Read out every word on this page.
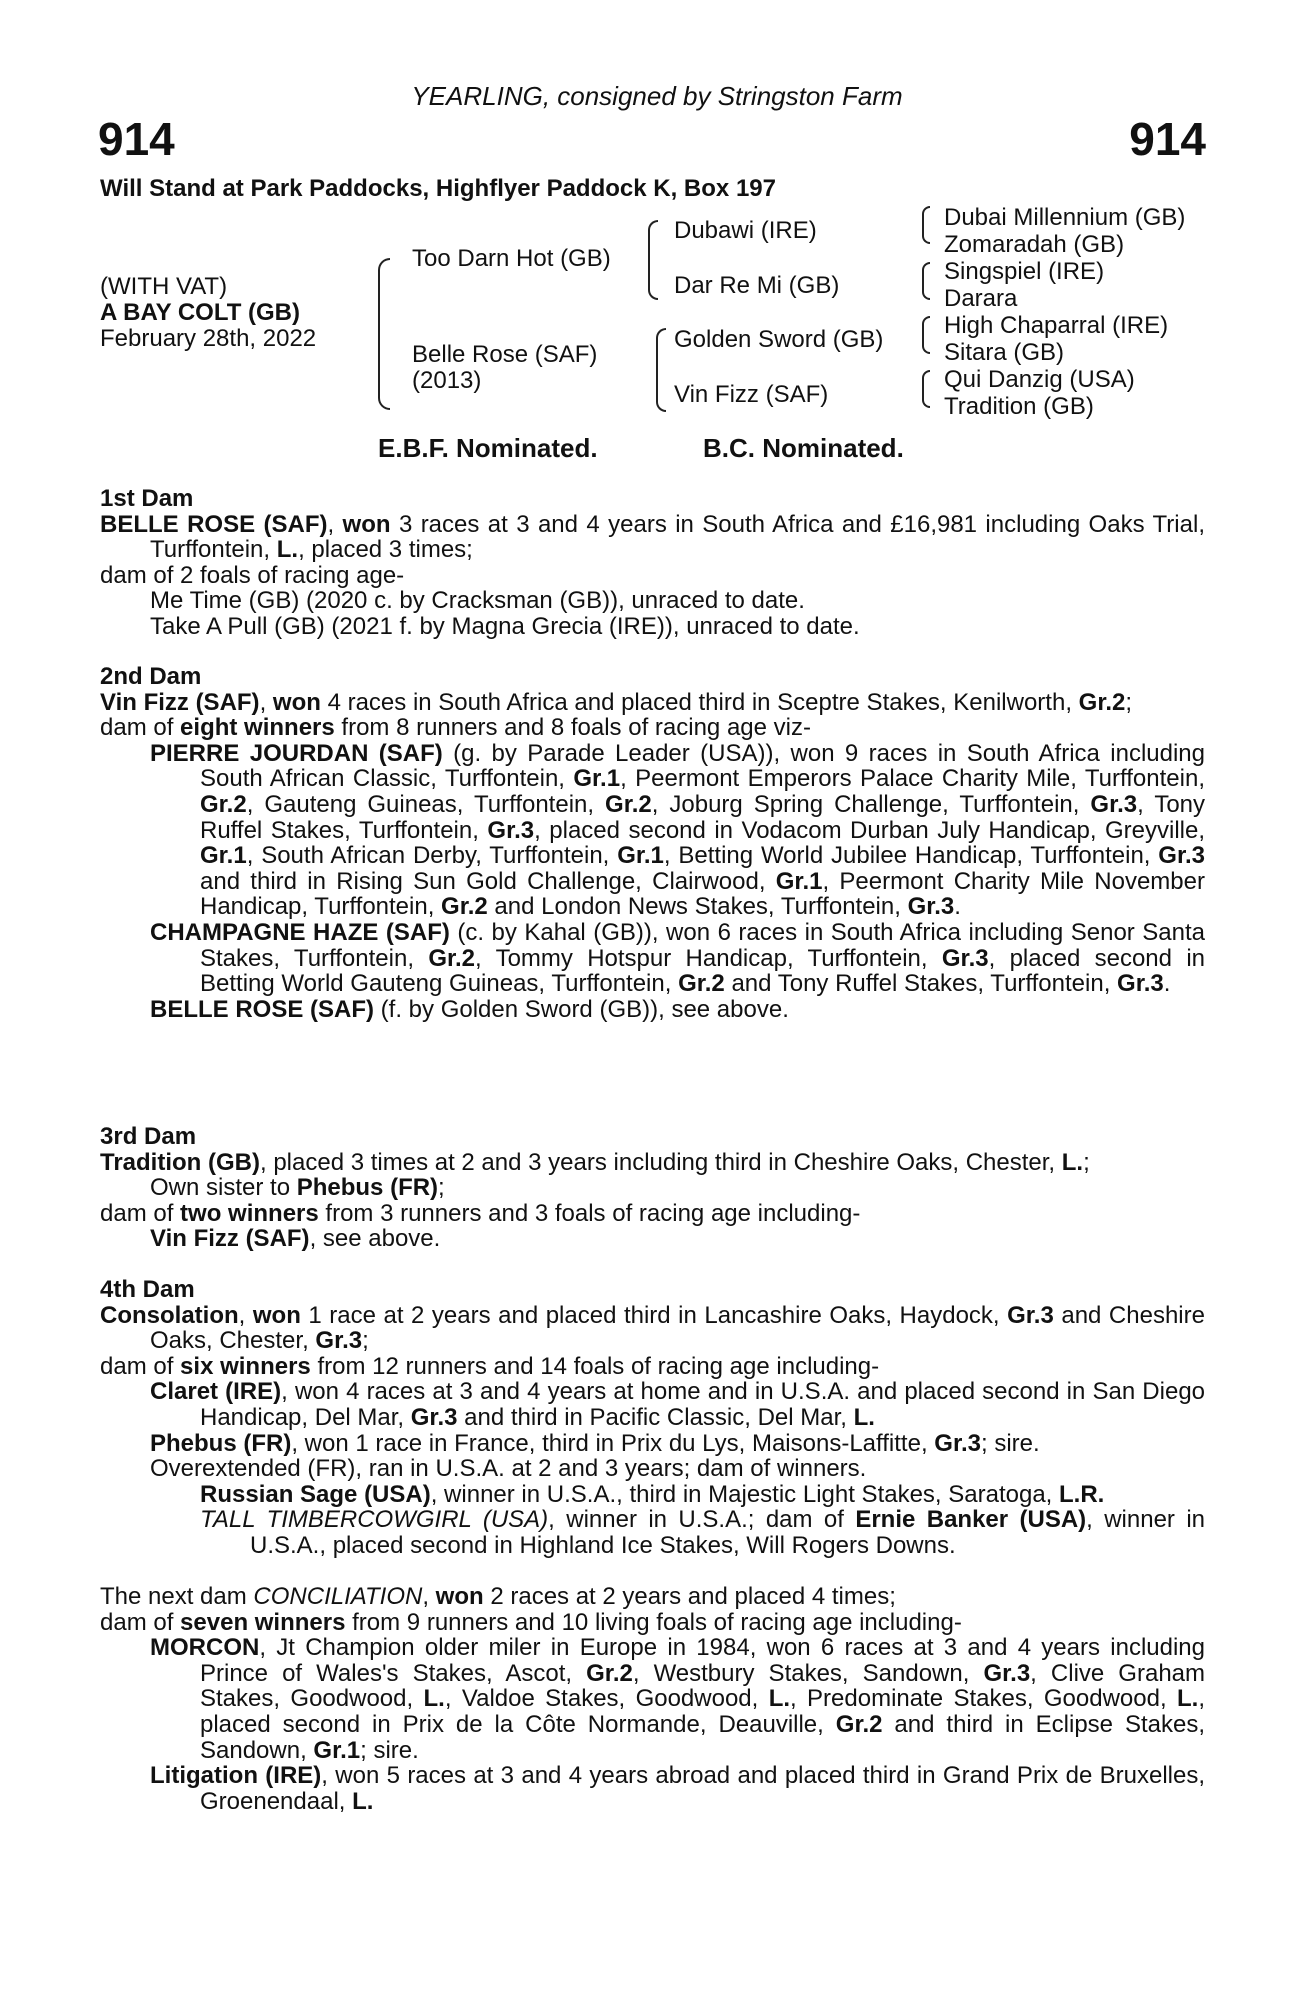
YEARLING, consigned by Stringston Farm
914	914
Will Stand at Park Paddocks, Highflyer Paddock K, Box 197
(WITH VAT)
A BAY COLT (GB)
February 28th, 2022
Too Darn Hot (GB)
Belle Rose (SAF)
(2013)
Dubawi (IRE)
Dar Re Mi (GB)
Golden Sword (GB)
Vin Fizz (SAF)
Dubai Millennium (GB)
Zomaradah (GB)
Singspiel (IRE)
Darara
High Chaparral (IRE)
Sitara (GB)
Qui Danzig (USA)
Tradition (GB)
E.B.F. Nominated.	B.C. Nominated.

1st Dam

BELLE ROSE (SAF), won 3 races at 3 and 4 years in South Africa and £16,981 including Oaks Trial, Turffontein, L., placed 3 times;

dam of 2 foals of racing age-

Me Time (GB) (2020 c. by Cracksman (GB)), unraced to date.

Take A Pull (GB) (2021 f. by Magna Grecia (IRE)), unraced to date.

2nd Dam

Vin Fizz (SAF), won 4 races in South Africa and placed third in Sceptre Stakes, Kenilworth, Gr.2;

dam of eight winners from 8 runners and 8 foals of racing age viz-

PIERRE JOURDAN (SAF) (g. by Parade Leader (USA)), won 9 races in South Africa including South African Classic, Turffontein, Gr.1, Peermont Emperors Palace Charity Mile, Turffontein, Gr.2, Gauteng Guineas, Turffontein, Gr.2, Joburg Spring Challenge, Turffontein, Gr.3, Tony Ruffel Stakes, Turffontein, Gr.3, placed second in Vodacom Durban July Handicap, Greyville, Gr.1, South African Derby, Turffontein, Gr.1, Betting World Jubilee Handicap, Turffontein, Gr.3 and third in Rising Sun Gold Challenge, Clairwood, Gr.1, Peermont Charity Mile November Handicap, Turffontein, Gr.2 and London News Stakes, Turffontein, Gr.3.

CHAMPAGNE HAZE (SAF) (c. by Kahal (GB)), won 6 races in South Africa including Senor Santa Stakes, Turffontein, Gr.2, Tommy Hotspur Handicap, Turffontein, Gr.3, placed second in Betting World Gauteng Guineas, Turffontein, Gr.2 and Tony Ruffel Stakes, Turffontein, Gr.3.

BELLE ROSE (SAF) (f. by Golden Sword (GB)), see above.

3rd Dam

Tradition (GB), placed 3 times at 2 and 3 years including third in Cheshire Oaks, Chester, L.;

Own sister to Phebus (FR);

dam of two winners from 3 runners and 3 foals of racing age including-

Vin Fizz (SAF), see above.

4th Dam

Consolation, won 1 race at 2 years and placed third in Lancashire Oaks, Haydock, Gr.3 and Cheshire Oaks, Chester, Gr.3;

dam of six winners from 12 runners and 14 foals of racing age including-

Claret (IRE), won 4 races at 3 and 4 years at home and in U.S.A. and placed second in San Diego Handicap, Del Mar, Gr.3 and third in Pacific Classic, Del Mar, L.

Phebus (FR), won 1 race in France, third in Prix du Lys, Maisons-Laffitte, Gr.3; sire.

Overextended (FR), ran in U.S.A. at 2 and 3 years; dam of winners.

Russian Sage (USA), winner in U.S.A., third in Majestic Light Stakes, Saratoga, L.R.

TALL TIMBERCOWGIRL (USA), winner in U.S.A.; dam of Ernie Banker (USA), winner in U.S.A., placed second in Highland Ice Stakes, Will Rogers Downs.

The next dam CONCILIATION, won 2 races at 2 years and placed 4 times;

dam of seven winners from 9 runners and 10 living foals of racing age including-

MORCON, Jt Champion older miler in Europe in 1984, won 6 races at 3 and 4 years including Prince of Wales's Stakes, Ascot, Gr.2, Westbury Stakes, Sandown, Gr.3, Clive Graham Stakes, Goodwood, L., Valdoe Stakes, Goodwood, L., Predominate Stakes, Goodwood, L., placed second in Prix de la Côte Normande, Deauville, Gr.2 and third in Eclipse Stakes, Sandown, Gr.1; sire.

Litigation (IRE), won 5 races at 3 and 4 years abroad and placed third in Grand Prix de Bruxelles, Groenendaal, L.
